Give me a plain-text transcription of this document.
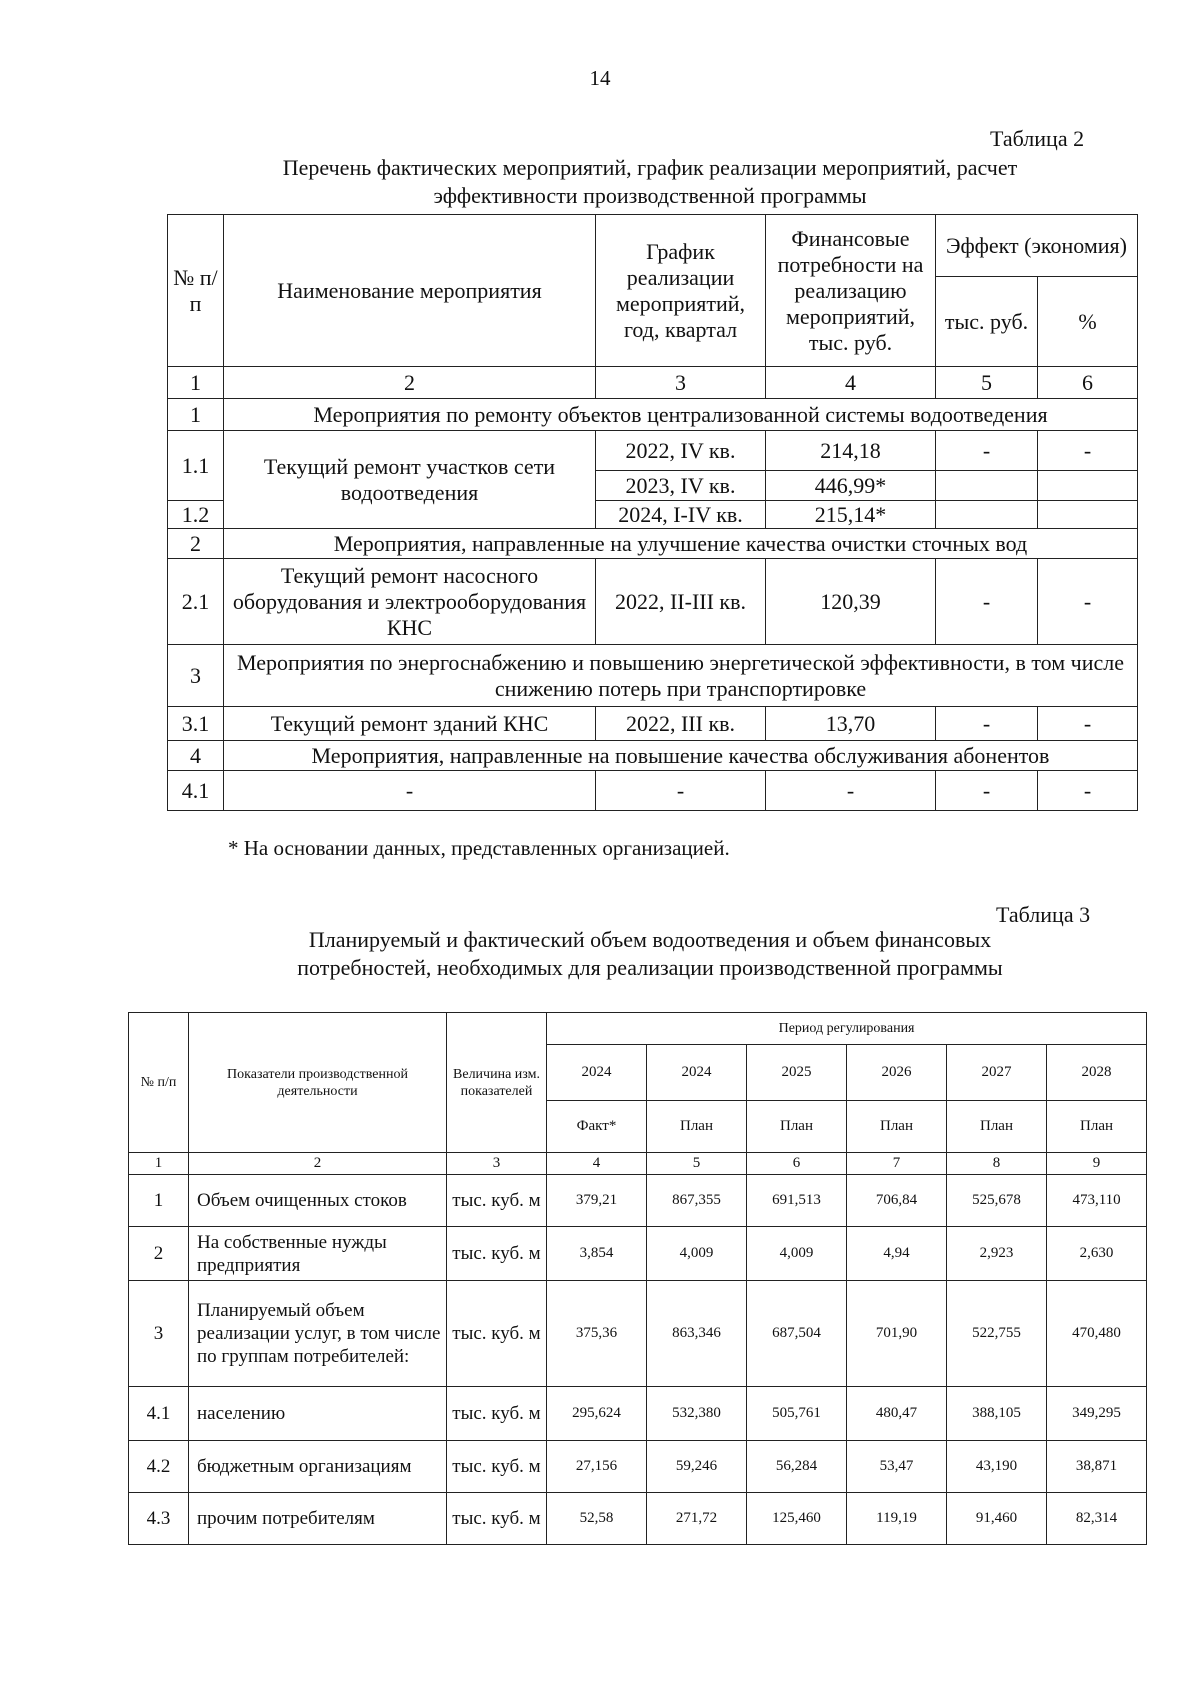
14
Таблица 2
Перечень фактических мероприятий, график реализации мероприятий, расчет
эффективности производственной программы
№ п/ п	Наименование мероприятия	График реализации мероприятий, год, квартал	Финансовые потребности на реализацию мероприятий, тыс. руб.	Эффект (экономия)	
				тыс. руб.	%
1	2	3	4	5	6
1	Мероприятия по ремонту объектов централизованной системы водоотведения				
1.1	Текущий ремонт участков сети водоотведения	2022, IV кв.	214,18	-	-
		2023, IV кв.	446,99*		
1.2		2024, I-IV кв.	215,14*		
2	Мероприятия, направленные на улучшение качества очистки сточных вод				
2.1	Текущий ремонт насосного оборудования и электрооборудования КНС	2022, II-III кв.	120,39	-	-
3	Мероприятия по энергоснабжению и повышению энергетической эффективности, в том числе снижению потерь при транспортировке				
3.1	Текущий ремонт зданий КНС	2022, III кв.	13,70	-	-
4	Мероприятия, направленные на повышение качества обслуживания абонентов				
4.1	-	-	-	-	-
* На основании данных, представленных организацией.
Таблица 3
Планируемый и фактический объем водоотведения и объем финансовых
потребностей, необходимых для реализации производственной программы
№ п/п	Показатели производственной деятельности	Величина изм. показателей	Период регулирования					
			2024	2024	2025	2026	2027	2028
			Факт*	План	План	План	План	План
1	2	3	4	5	6	7	8	9
1	Объем очищенных стоков	тыс. куб. м	379,21	867,355	691,513	706,84	525,678	473,110
2	На собственные нужды предприятия	тыс. куб. м	3,854	4,009	4,009	4,94	2,923	2,630
3	Планируемый объем реализации услуг, в том числе по группам потребителей:	тыс. куб. м	375,36	863,346	687,504	701,90	522,755	470,480
4.1	населению	тыс. куб. м	295,624	532,380	505,761	480,47	388,105	349,295
4.2	бюджетным организациям	тыс. куб. м	27,156	59,246	56,284	53,47	43,190	38,871
4.3	прочим потребителям	тыс. куб. м	52,58	271,72	125,460	119,19	91,460	82,314
